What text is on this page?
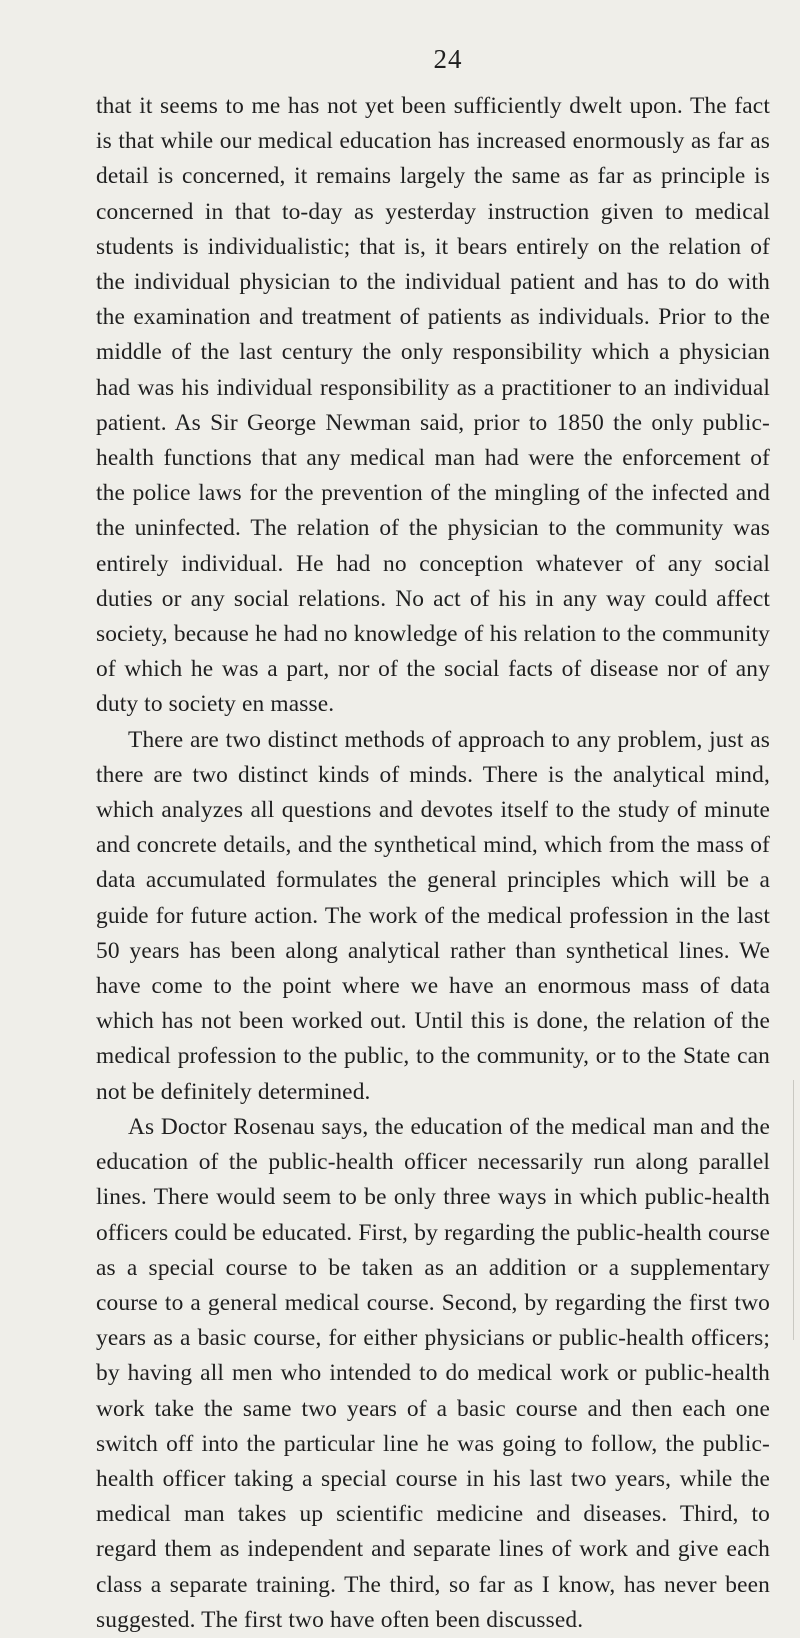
24

that it seems to me has not yet been sufficiently dwelt upon. The fact is that while our medical education has increased enormously as far as detail is concerned, it remains largely the same as far as principle is concerned in that to-day as yesterday instruction given to medical students is individualistic; that is, it bears entirely on the relation of the individual physician to the individual patient and has to do with the examination and treatment of patients as individuals. Prior to the middle of the last century the only responsibility which a physician had was his individual responsibility as a practitioner to an individual patient. As Sir George Newman said, prior to 1850 the only public-health functions that any medical man had were the enforcement of the police laws for the prevention of the mingling of the infected and the uninfected. The relation of the physician to the community was entirely individual. He had no conception whatever of any social duties or any social relations. No act of his in any way could affect society, because he had no knowledge of his relation to the community of which he was a part, nor of the social facts of disease nor of any duty to society en masse.

There are two distinct methods of approach to any problem, just as there are two distinct kinds of minds. There is the analytical mind, which analyzes all questions and devotes itself to the study of minute and concrete details, and the synthetical mind, which from the mass of data accumulated formulates the general principles which will be a guide for future action. The work of the medical profession in the last 50 years has been along analytical rather than synthetical lines. We have come to the point where we have an enormous mass of data which has not been worked out. Until this is done, the relation of the medical profession to the public, to the community, or to the State can not be definitely determined.

As Doctor Rosenau says, the education of the medical man and the education of the public-health officer necessarily run along parallel lines. There would seem to be only three ways in which public-health officers could be educated. First, by regarding the public-health course as a special course to be taken as an addition or a supplementary course to a general medical course. Second, by regarding the first two years as a basic course, for either physicians or public-health officers; by having all men who intended to do medical work or public-health work take the same two years of a basic course and then each one switch off into the particular line he was going to follow, the public-health officer taking a special course in his last two years, while the medical man takes up scientific medicine and diseases. Third, to regard them as independent and separate lines of work and give each class a separate training. The third, so far as I know, has never been suggested. The first two have often been discussed.
